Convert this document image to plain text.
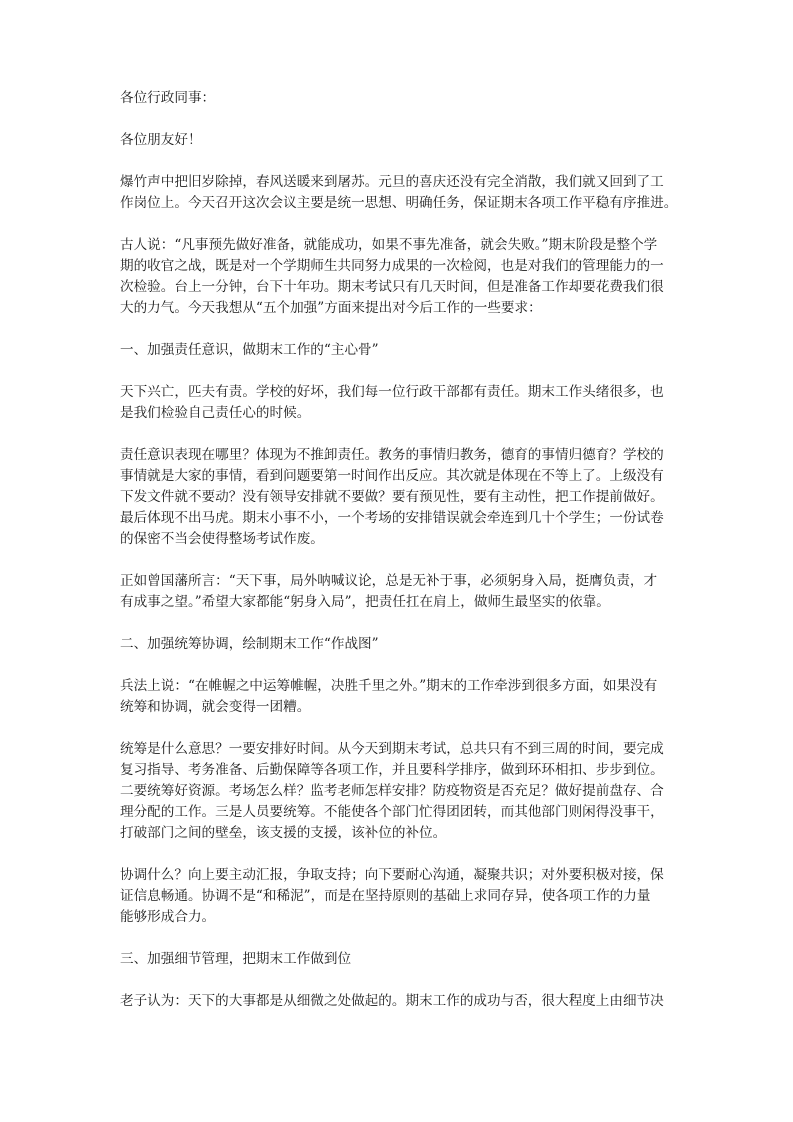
各位行政同事：

各位朋友好！

爆竹声中把旧岁除掉，春风送暖来到屠苏。元旦的喜庆还没有完全消散，我们就又回到了工
作岗位上。今天召开这次会议主要是统一思想、明确任务，保证期末各项工作平稳有序推进。

古人说：“凡事预先做好准备，就能成功，如果不事先准备，就会失败。”期末阶段是整个学
期的收官之战，既是对一个学期师生共同努力成果的一次检阅，也是对我们的管理能力的一
次检验。台上一分钟，台下十年功。期末考试只有几天时间，但是准备工作却要花费我们很
大的力气。今天我想从“五个加强”方面来提出对今后工作的一些要求：

一、加强责任意识，做期末工作的“主心骨”

天下兴亡，匹夫有责。学校的好坏，我们每一位行政干部都有责任。期末工作头绪很多，也
是我们检验自己责任心的时候。

责任意识表现在哪里？体现为不推卸责任。教务的事情归教务，德育的事情归德育？学校的
事情就是大家的事情，看到问题要第一时间作出反应。其次就是体现在不等上了。上级没有
下发文件就不要动？没有领导安排就不要做？要有预见性，要有主动性，把工作提前做好。
最后体现不出马虎。期末小事不小，一个考场的安排错误就会牵连到几十个学生；一份试卷
的保密不当会使得整场考试作废。

正如曾国藩所言：“天下事，局外呐喊议论，总是无补于事，必须躬身入局，挺膺负责，才
有成事之望。”希望大家都能“躬身入局”，把责任扛在肩上，做师生最坚实的依靠。

二、加强统筹协调，绘制期末工作“作战图”

兵法上说：“在帷幄之中运筹帷幄，决胜千里之外。”期末的工作牵涉到很多方面，如果没有
统筹和协调，就会变得一团糟。

统筹是什么意思？一要安排好时间。从今天到期末考试，总共只有不到三周的时间，要完成
复习指导、考务准备、后勤保障等各项工作，并且要科学排序，做到环环相扣、步步到位。
二要统筹好资源。考场怎么样？监考老师怎样安排？防疫物资是否充足？做好提前盘存、合
理分配的工作。三是人员要统筹。不能使各个部门忙得团团转，而其他部门则闲得没事干，
打破部门之间的壁垒，该支援的支援，该补位的补位。

协调什么？向上要主动汇报，争取支持；向下要耐心沟通，凝聚共识；对外要积极对接，保
证信息畅通。协调不是“和稀泥”，而是在坚持原则的基础上求同存异，使各项工作的力量
能够形成合力。

三、加强细节管理，把期末工作做到位

老子认为：天下的大事都是从细微之处做起的。期末工作的成功与否，很大程度上由细节决
